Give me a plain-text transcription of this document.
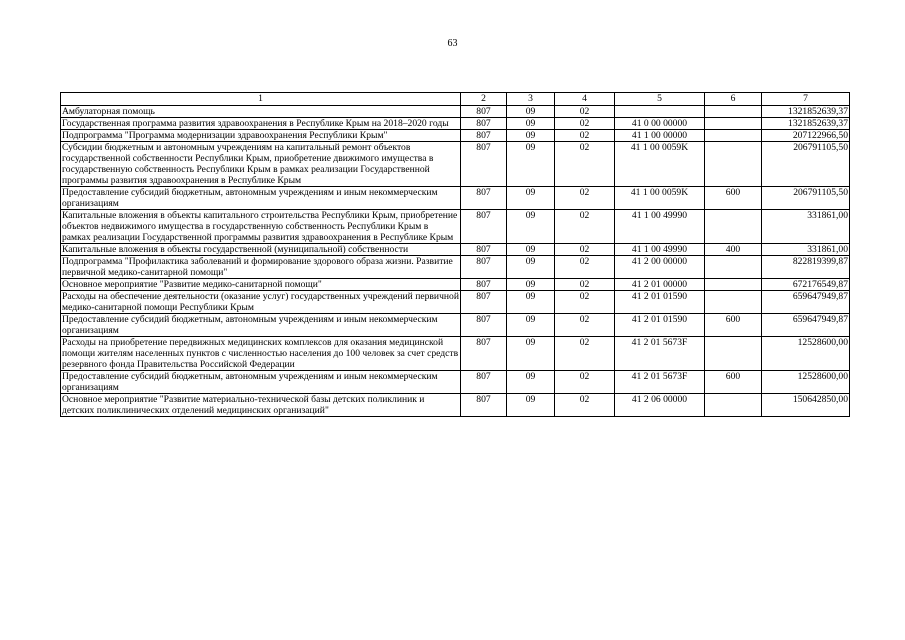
63
1	2	3	4	5	6	7
Амбулаторная помощь	807	09	02			1321852639,37
Государственная программа развития здравоохранения в Республике Крым на 2018–2020 годы	807	09	02	41 0 00 00000		1321852639,37
Подпрограмма "Программа модернизации здравоохранения Республики Крым"	807	09	02	41 1 00 00000		207122966,50
Субсидии бюджетным и автономным учреждениям на капитальный ремонт объектов государственной собственности Республики Крым, приобретение движимого имущества в государственную собственность Республики Крым в рамках реализации Государственной программы развития здравоохранения в Республике Крым	807	09	02	41 1 00 0059K		206791105,50
Предоставление субсидий бюджетным, автономным учреждениям и иным некоммерческим организациям	807	09	02	41 1 00 0059K	600	206791105,50
Капитальные вложения в объекты капитального строительства Республики Крым, приобретение объектов недвижимого имущества в государственную собственность Республики Крым в рамках реализации Государственной программы развития здравоохранения в Республике Крым	807	09	02	41 1 00 49990		331861,00
Капитальные вложения в объекты государственной (муниципальной) собственности	807	09	02	41 1 00 49990	400	331861,00
Подпрограмма "Профилактика заболеваний и формирование здорового образа жизни. Развитие первичной медико-санитарной помощи"	807	09	02	41 2 00 00000		822819399,87
Основное мероприятие "Развитие медико-санитарной помощи"	807	09	02	41 2 01 00000		672176549,87
Расходы на обеспечение деятельности (оказание услуг) государственных учреждений первичной медико-санитарной помощи Республики Крым	807	09	02	41 2 01 01590		659647949,87
Предоставление субсидий бюджетным, автономным учреждениям и иным некоммерческим организациям	807	09	02	41 2 01 01590	600	659647949,87
Расходы на приобретение передвижных медицинских комплексов для оказания медицинской помощи жителям населенных пунктов с численностью населения до 100 человек за счет средств резервного фонда Правительства Российской Федерации	807	09	02	41 2 01 5673F		12528600,00
Предоставление субсидий бюджетным, автономным учреждениям и иным некоммерческим организациям	807	09	02	41 2 01 5673F	600	12528600,00
Основное мероприятие "Развитие материально-технической базы детских поликлиник и детских поликлинических отделений медицинских организаций"	807	09	02	41 2 06 00000		150642850,00
